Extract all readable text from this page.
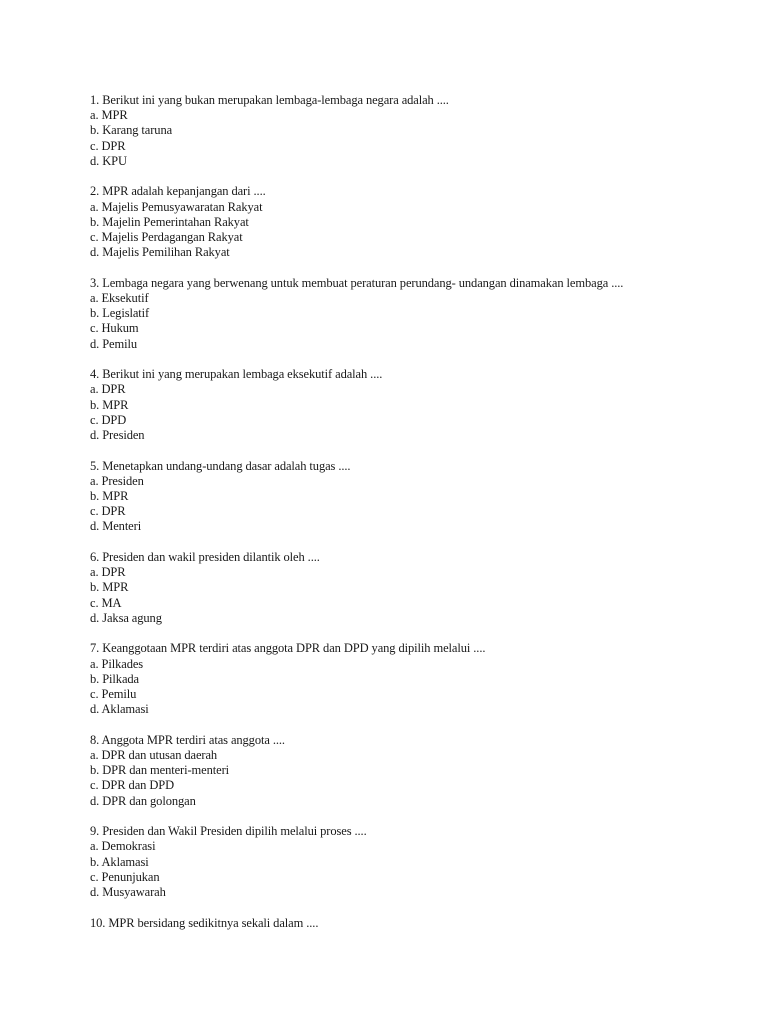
1. Berikut ini yang bukan merupakan lembaga-lembaga negara adalah ....
a. MPR
b. Karang taruna
c. DPR
d. KPU
2. MPR adalah kepanjangan dari ....
a. Majelis Pemusyawaratan Rakyat
b. Majelin Pemerintahan Rakyat
c. Majelis Perdagangan Rakyat
d. Majelis Pemilihan Rakyat
3. Lembaga negara yang berwenang untuk membuat peraturan perundang- undangan dinamakan lembaga ....
a. Eksekutif
b. Legislatif
c. Hukum
d. Pemilu
4. Berikut ini yang merupakan lembaga eksekutif adalah ....
a. DPR
b. MPR
c. DPD
d. Presiden
5. Menetapkan undang-undang dasar adalah tugas ....
a. Presiden
b. MPR
c. DPR
d. Menteri
6. Presiden dan wakil presiden dilantik oleh ....
a. DPR
b. MPR
c. MA
d. Jaksa agung
7. Keanggotaan MPR terdiri atas anggota DPR dan DPD yang dipilih melalui ....
a. Pilkades
b. Pilkada
c. Pemilu
d. Aklamasi
8. Anggota MPR terdiri atas anggota ....
a. DPR dan utusan daerah
b. DPR dan menteri-menteri
c. DPR dan DPD
d. DPR dan golongan
9. Presiden dan Wakil Presiden dipilih melalui proses ....
a. Demokrasi
b. Aklamasi
c. Penunjukan
d. Musyawarah
10. MPR bersidang sedikitnya sekali dalam ....
